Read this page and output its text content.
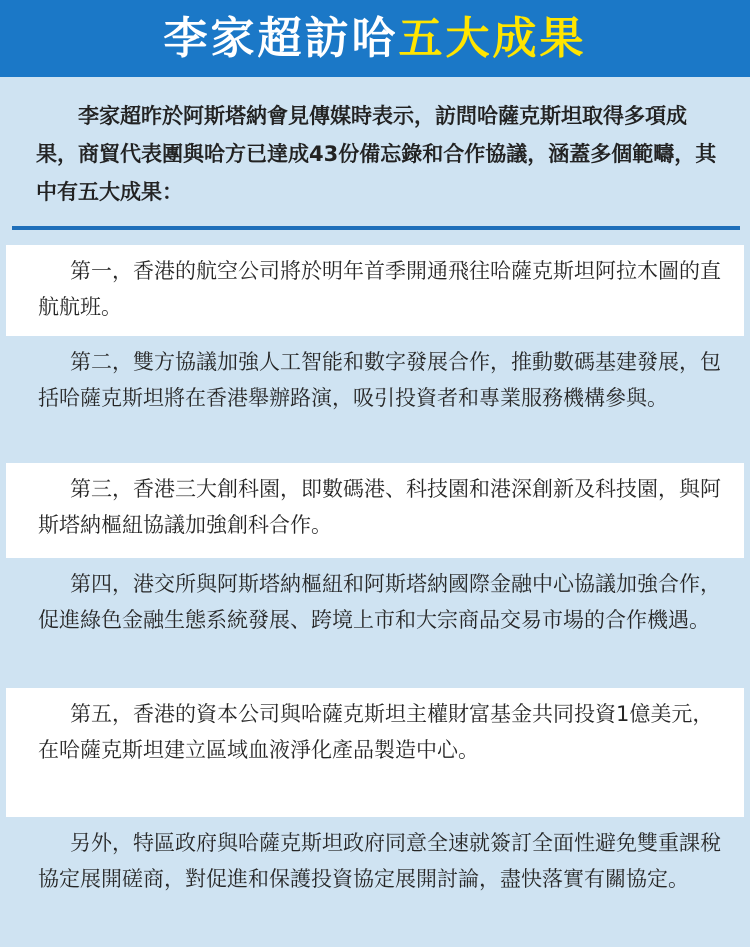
李家超訪哈五大成果

李家超昨於阿斯塔納會見傳媒時表示，訪問哈薩克斯坦取得多項成果，商貿代表團與哈方已達成43份備忘錄和合作協議，涵蓋多個範疇，其中有五大成果：

第一，香港的航空公司將於明年首季開通飛往哈薩克斯坦阿拉木圖的直航航班。

第二，雙方協議加強人工智能和數字發展合作，推動數碼基建發展，包括哈薩克斯坦將在香港舉辦路演，吸引投資者和專業服務機構參與。

第三，香港三大創科園，即數碼港、科技園和港深創新及科技園，與阿斯塔納樞紐協議加強創科合作。

第四，港交所與阿斯塔納樞紐和阿斯塔納國際金融中心協議加強合作，促進綠色金融生態系統發展、跨境上市和大宗商品交易市場的合作機遇。

第五，香港的資本公司與哈薩克斯坦主權財富基金共同投資1億美元，在哈薩克斯坦建立區域血液淨化產品製造中心。

另外，特區政府與哈薩克斯坦政府同意全速就簽訂全面性避免雙重課稅協定展開磋商，對促進和保護投資協定展開討論，盡快落實有關協定。
